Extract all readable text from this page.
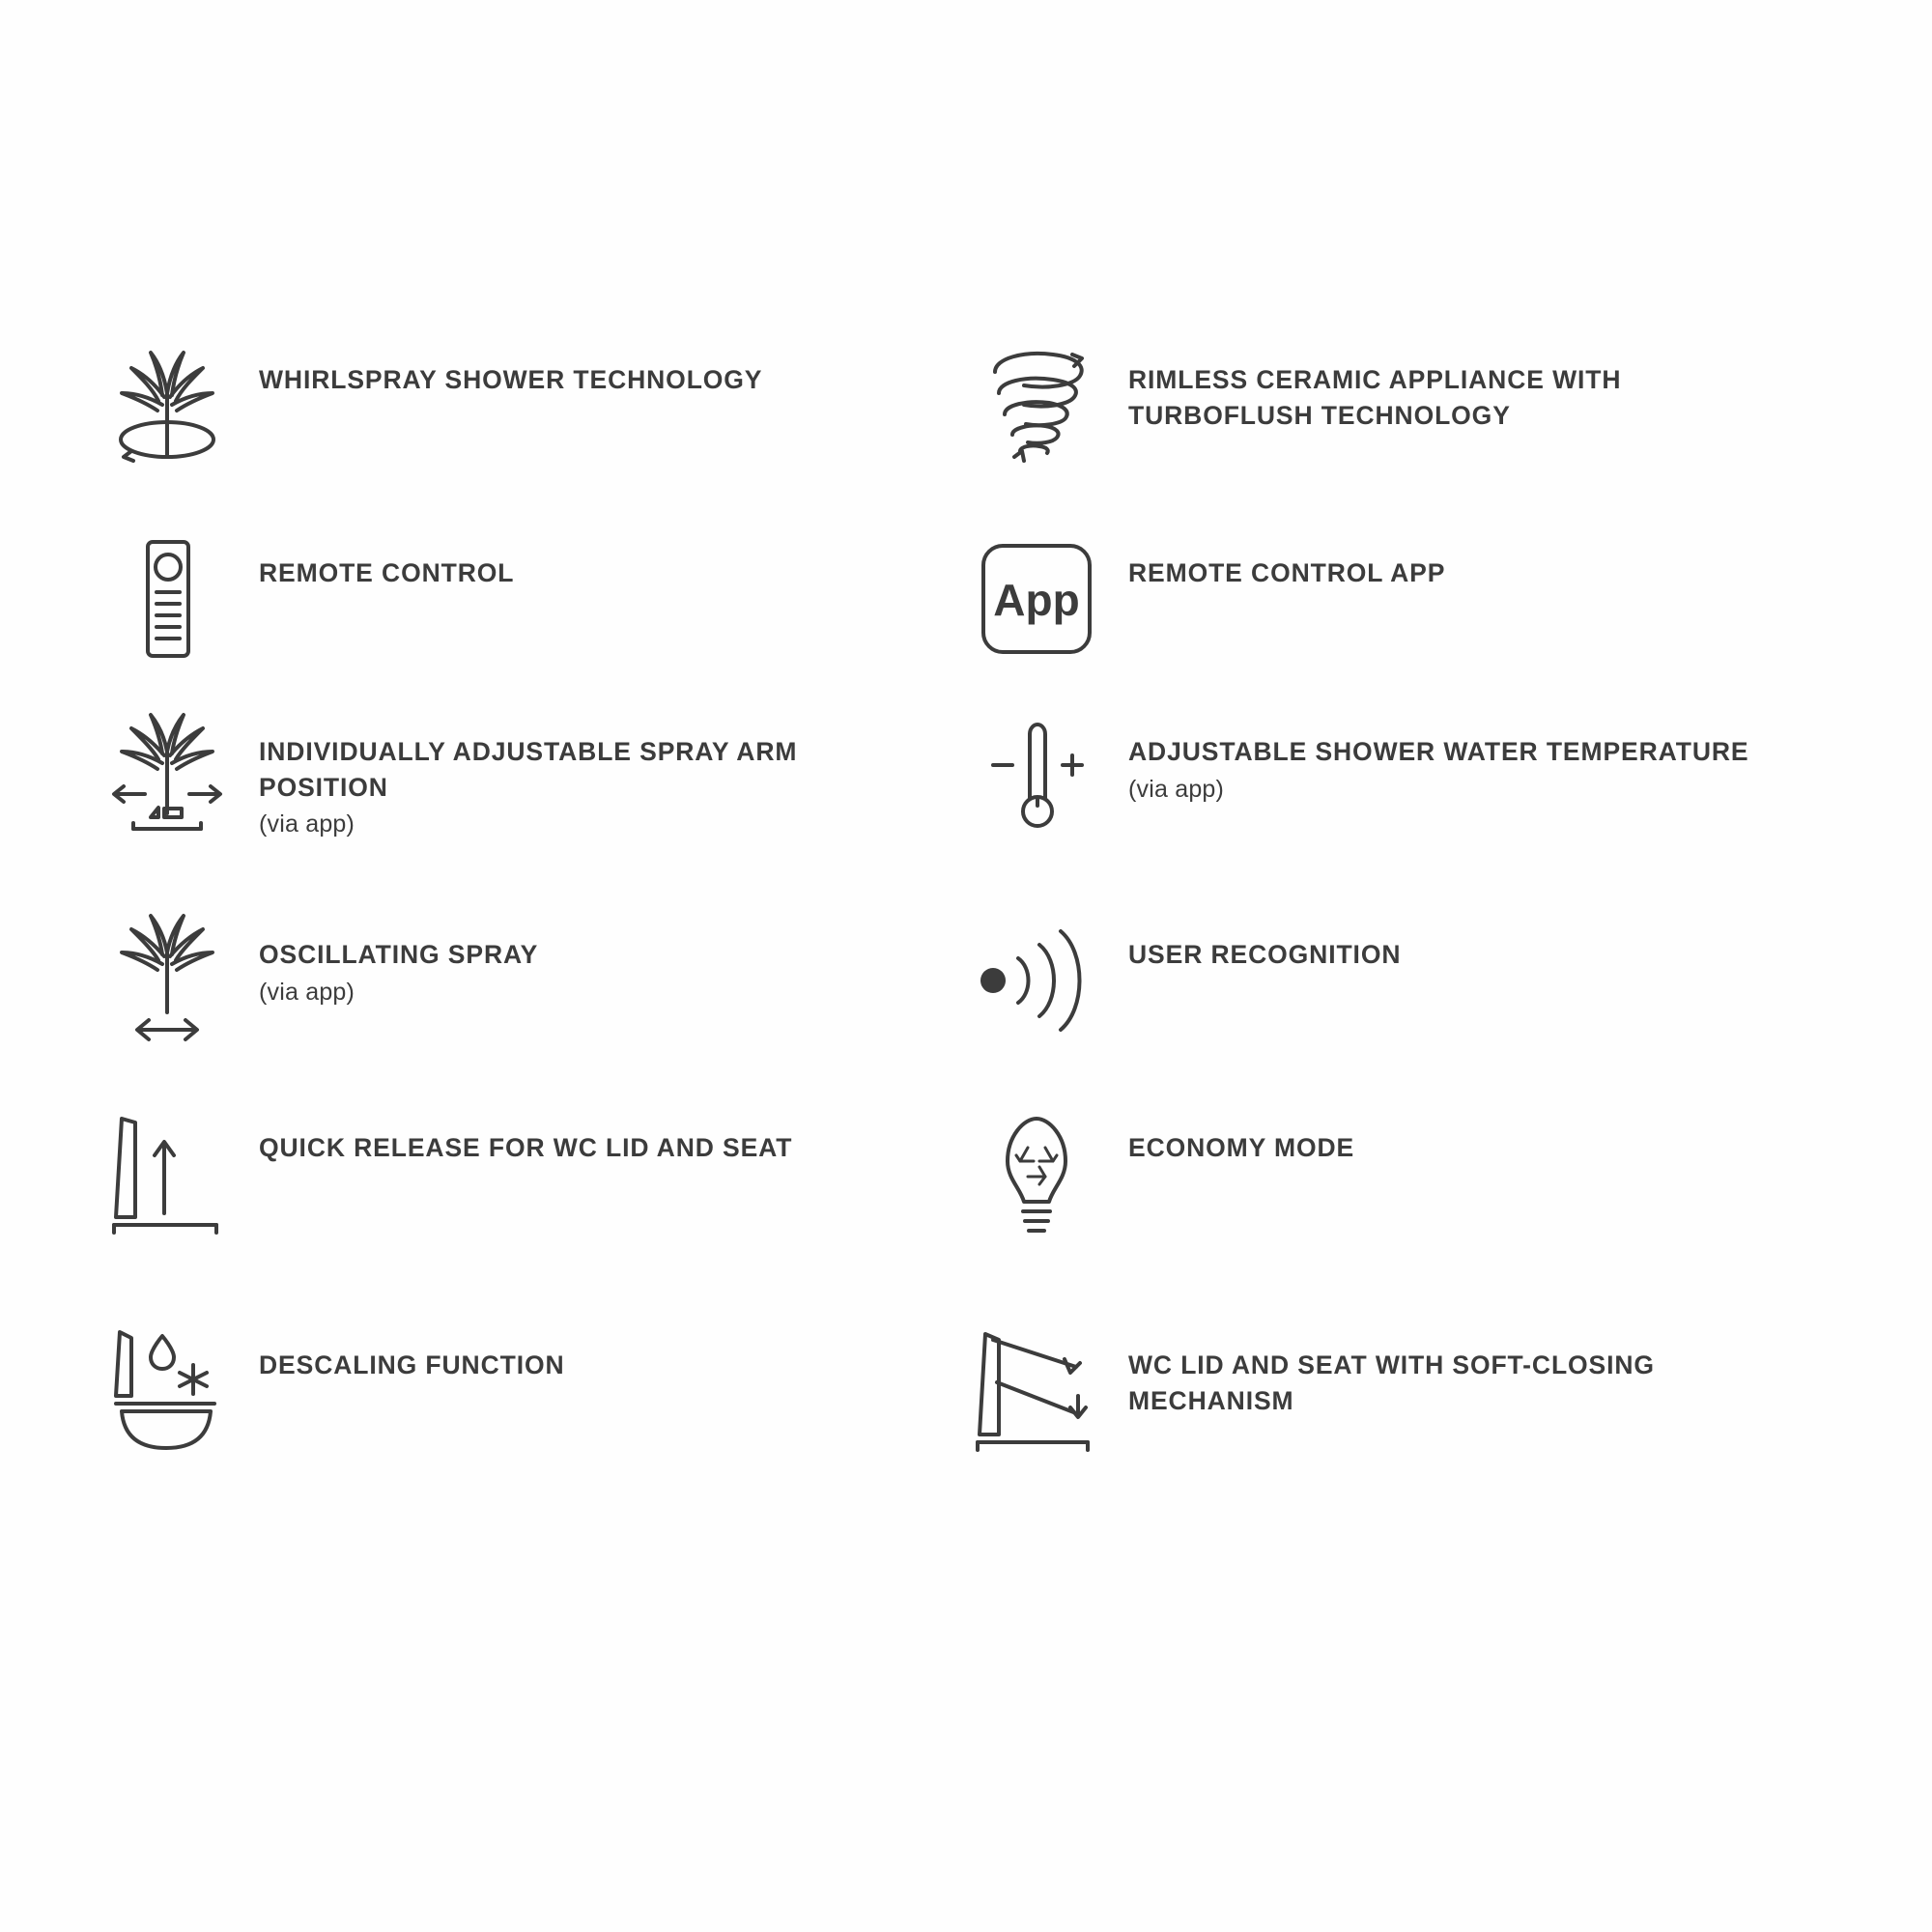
WHIRLSPRAY SHOWER TECHNOLOGY	RIMLESS CERAMIC APPLIANCE WITH TURBOFLUSH TECHNOLOGY
REMOTE CONTROL
App
REMOTE CONTROL APP
INDIVIDUALLY ADJUSTABLE SPRAY ARM POSITION
(via app)
ADJUSTABLE SHOWER WATER TEMPERATURE
(via app)
OSCILLATING SPRAY
(via app)
USER RECOGNITION
QUICK RELEASE FOR WC LID AND SEAT	ECONOMY MODE
DESCALING FUNCTION	WC LID AND SEAT WITH SOFT-CLOSING MECHANISM
